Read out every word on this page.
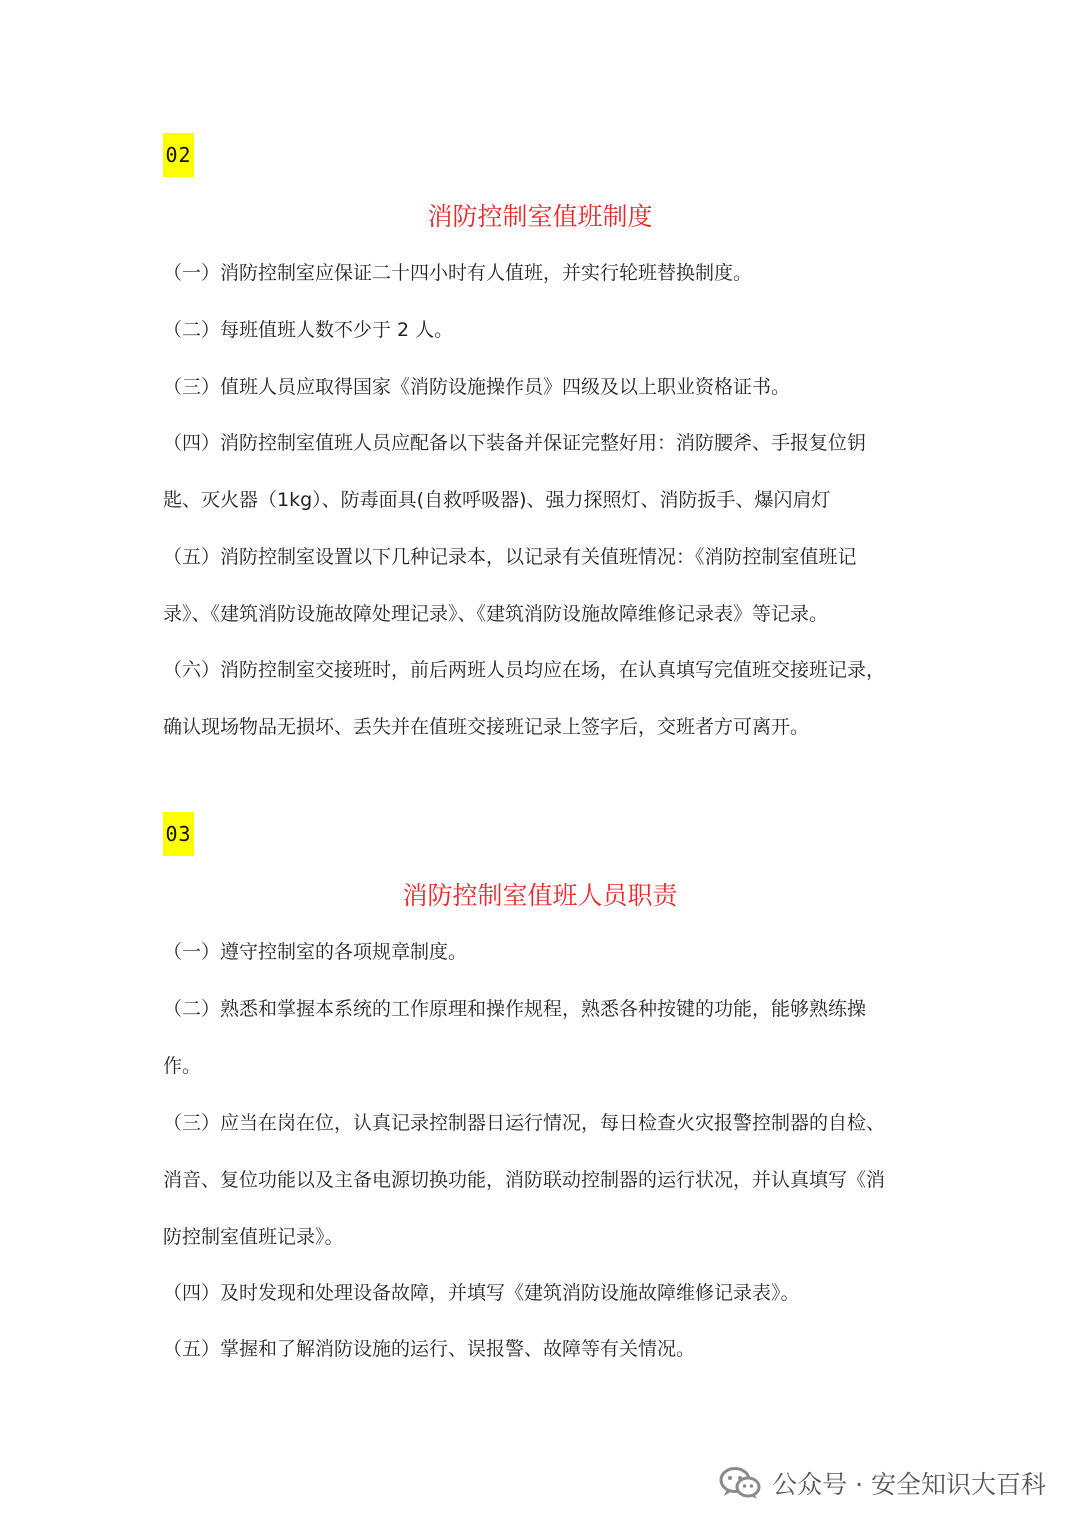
02
消防控制室值班制度
（一）消防控制室应保证二十四小时有人值班，并实行轮班替换制度。
（二）每班值班人数不少于 2 人。
（三）值班人员应取得国家《消防设施操作员》四级及以上职业资格证书。
（四）消防控制室值班人员应配备以下装备并保证完整好用：消防腰斧、手报复位钥
匙、灭火器（1kg）、防毒面具(自救呼吸器)、强力探照灯、消防扳手、爆闪肩灯
（五）消防控制室设置以下几种记录本，以记录有关值班情况：《消防控制室值班记
录》、《建筑消防设施故障处理记录》、《建筑消防设施故障维修记录表》等记录。
（六）消防控制室交接班时，前后两班人员均应在场，在认真填写完值班交接班记录，
确认现场物品无损坏、丢失并在值班交接班记录上签字后，交班者方可离开。
03
消防控制室值班人员职责
（一）遵守控制室的各项规章制度。
（二）熟悉和掌握本系统的工作原理和操作规程，熟悉各种按键的功能，能够熟练操
作。
（三）应当在岗在位，认真记录控制器日运行情况，每日检查火灾报警控制器的自检、
消音、复位功能以及主备电源切换功能，消防联动控制器的运行状况，并认真填写《消
防控制室值班记录》。
（四）及时发现和处理设备故障，并填写《建筑消防设施故障维修记录表》。
（五）掌握和了解消防设施的运行、误报警、故障等有关情况。
公众号 · 安全知识大百科
